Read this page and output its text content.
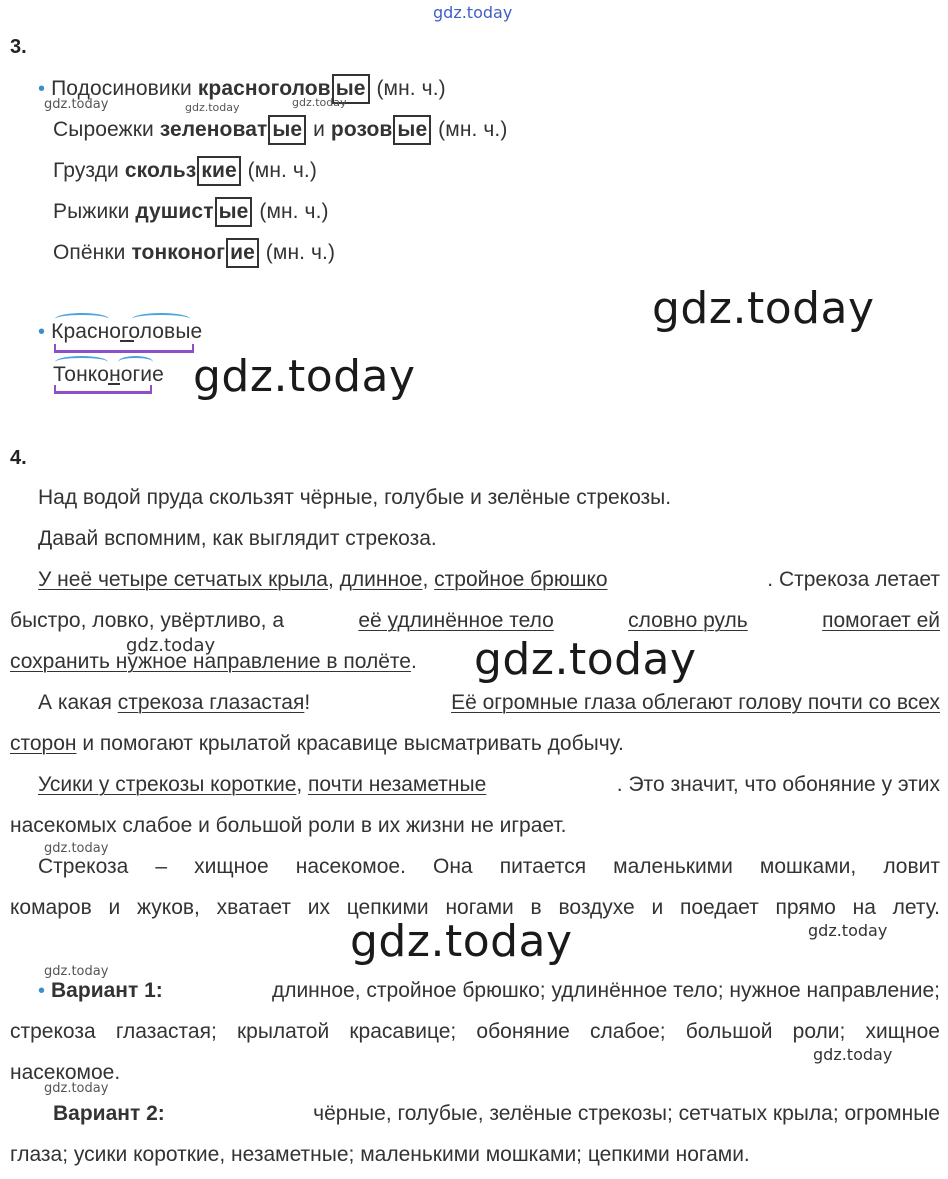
gdz.today
3.
• Подосиновики красноголов ые (мн. ч.)
gdz.today	gdz.today	gdz.today
Сыроежки зеленоват ые и розов ые (мн. ч.)
Грузди скольз кие (мн. ч.)
Рыжики душист ые (мн. ч.)
Опёнки тонконог ие (мн. ч.)
gdz.today
• Красноголовые
Тонконогие gdz.today
4.
Над водой пруда скользят чёрные, голубые и зелёные стрекозы.
Давай вспомним, как выглядит стрекоза.
У неё четыре сетчатых крыла, длинное, стройное брюшко	. Стрекоза летает
быстро, ловко, увёртливо, а	её удлинённое тело	словно руль	помогает ей
сохранить нужное направление в полёте.
gdz.today	gdz.today
А какая стрекоза глазастая!	Её огромные глаза облегают голову почти со всех
сторон и помогают крылатой красавице высматривать добычу.
Усики у стрекозы короткие, почти незаметные	. Это значит, что обоняние у этих
насекомых слабое и большой роли в их жизни не играет.
gdz.today
Стрекоза – хищное насекомое. Она питается маленькими мошками, ловит
комаров и жуков, хватает их цепкими ногами в воздухе и поедает прямо на лету.
gdz.today
gdz.today
gdz.today
• Вариант 1:	длинное, стройное брюшко; удлинённое тело; нужное направление;
стрекоза глазастая; крылатой красавице; обоняние слабое; большой роли; хищное
gdz.today
насекомое.
gdz.today
Вариант 2:	чёрные, голубые, зелёные стрекозы; сетчатых крыла; огромные
глаза; усики короткие, незаметные; маленькими мошками; цепкими ногами.
